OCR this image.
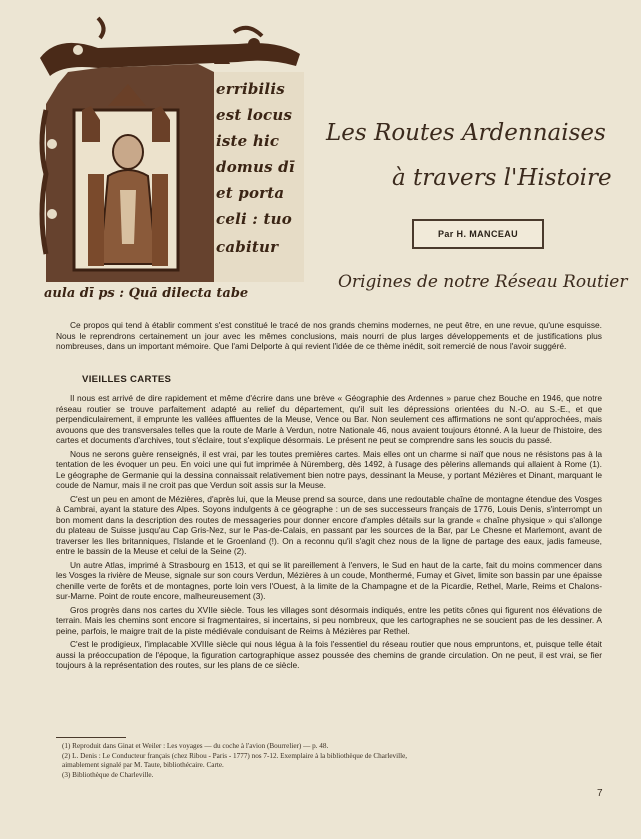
erribilis
est locus
iste hic
domus dī
et porta
celi : tuo
cabitur
aula dī ps : Quā dilecta tabe
Les Routes Ardennaises
à travers l'Histoire
Par H. MANCEAU
Origines de notre Réseau Routier

Ce propos qui tend à établir comment s'est constitué le tracé de nos grands chemins modernes, ne peut être, en une revue, qu'une esquisse. Nous le reprendrons certainement un jour avec les mêmes conclusions, mais nourri de plus larges développements et de justifications plus nombreuses, dans un important mémoire. Que l'ami Delporte à qui revient l'idée de ce thème inédit, soit remercié de nous l'avoir suggéré.

VIEILLES CARTES

Il nous est arrivé de dire rapidement et même d'écrire dans une brève « Géographie des Ardennes » parue chez Bouche en 1946, que notre réseau routier se trouve parfaitement adapté au relief du département, qu'il suit les dépressions orientées du N.-O. au S.-E., et que perpendiculairement, il emprunte les vallées affluentes de la Meuse, Vence ou Bar. Non seulement ces affirmations ne sont qu'approchées, mais avouons que des transversales telles que la route de Marle à Verdun, notre Nationale 46, nous avaient toujours étonné. A la lueur de l'histoire, des cartes et documents d'archives, tout s'éclaire, tout s'explique désormais. Le présent ne peut se comprendre sans les soucis du passé.

Nous ne serons guère renseignés, il est vrai, par les toutes premières cartes. Mais elles ont un charme si naïf que nous ne résistons pas à la tentation de les évoquer un peu. En voici une qui fut imprimée à Nüremberg, dès 1492, à l'usage des pèlerins allemands qui allaient à Rome (1). Le géographe de Germanie qui la dessina connaissait relativement bien notre pays, dessinant la Meuse, y portant Mézières et Dinant, marquant le coude de Namur, mais il ne croit pas que Verdun soit assis sur la Meuse.

C'est un peu en amont de Mézières, d'après lui, que la Meuse prend sa source, dans une redoutable chaîne de montagne étendue des Vosges à Cambrai, ayant la stature des Alpes. Soyons indulgents à ce géographe : un de ses successeurs français de 1776, Louis Denis, s'interrompt un bon moment dans la description des routes de messageries pour donner encore d'amples détails sur la grande « chaîne physique » qui s'allonge du plateau de Suisse jusqu'au Cap Gris-Nez, sur le Pas-de-Calais, en passant par les sources de la Bar, par Le Chesne et Marlemont, avant de traverser les Iles britanniques, l'Islande et le Groenland (!). On a reconnu qu'il s'agit chez nous de la ligne de partage des eaux, jadis fameuse, entre le bassin de la Meuse et celui de la Seine (2).

Un autre Atlas, imprimé à Strasbourg en 1513, et qui se lit pareillement à l'envers, le Sud en haut de la carte, fait du moins commencer dans les Vosges la rivière de Meuse, signale sur son cours Verdun, Mézières à un coude, Monthermé, Fumay et Givet, limite son bassin par une épaisse chenille verte de forêts et de montagnes, porte loin vers l'Ouest, à la limite de la Champagne et de la Picardie, Rethel, Marle, Reims et Chalons-sur-Marne. Point de route encore, malheureusement (3).

Gros progrès dans nos cartes du XVIIe siècle. Tous les villages sont désormais indiqués, entre les petits cônes qui figurent nos élévations de terrain. Mais les chemins sont encore si fragmentaires, si incertains, si peu nombreux, que les cartographes ne se soucient pas de les dessiner. A peine, parfois, le maigre trait de la piste médiévale conduisant de Reims à Mézières par Rethel.

C'est le prodigieux, l'implacable XVIIIe siècle qui nous légua à la fois l'essentiel du réseau routier que nous empruntons, et, puisque telle était aussi la préoccupation de l'époque, la figuration cartographique assez poussée des chemins de grande circulation. On ne peut, il est vrai, se fier toujours à la représentation des routes, sur les plans de ce siècle.

(1) Reproduit dans Ginat et Weiler : Les voyages — du coche à l'avion (Bourrelier) — p. 48.
(2) L. Denis : Le Conducteur français (chez Ribou - Paris - 1777) nos 7-12. Exemplaire à la bibliothèque de Charleville,
aimablement signalé par M. Taute, bibliothécaire. Carte.
(3) Bibliothèque de Charleville.
7
